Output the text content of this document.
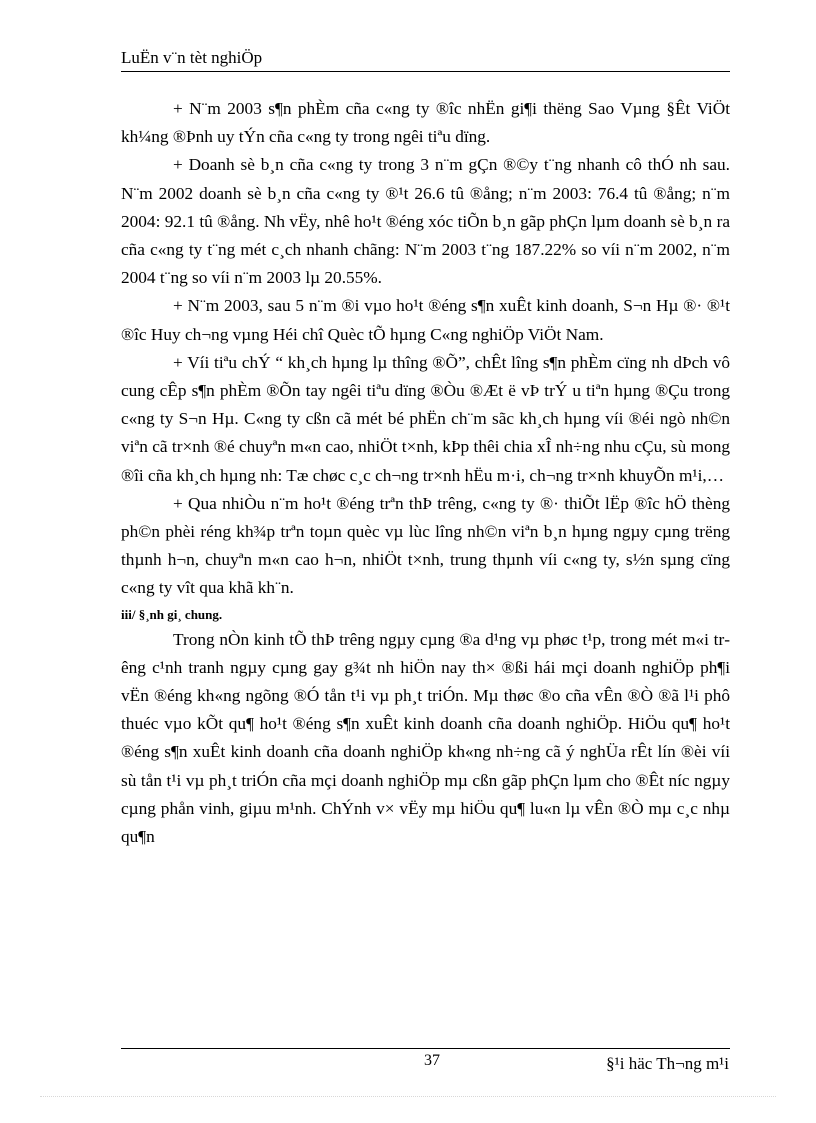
LuËn v¨n tèt nghiÖp

+ N¨m 2003 s¶n phÈm cña c«ng ty ®îc nhËn gi¶i thëng Sao Vµng §Êt ViÖt kh¼ng ®Þnh uy tÝn cña c«ng ty trong ngêi tiªu dïng.

+ Doanh sè b¸n cña c«ng ty trong 3 n¨m gÇn ®©y t¨ng nhanh cô thÓ nh sau. N¨m 2002 doanh sè b¸n cña c«ng ty ®¹t 26.6 tû ®ång; n¨m 2003: 76.4 tû ®ång; n¨m 2004: 92.1 tû ®ång. Nh vËy, nhê ho¹t ®éng xóc tiÕn b¸n gãp phÇn lµm doanh sè b¸n ra cña c«ng ty t¨ng mét c¸ch nhanh chãng: N¨m 2003 t¨ng 187.22% so víi n¨m 2002, n¨m 2004 t¨ng so víi n¨m 2003 lµ 20.55%.

+ N¨m 2003, sau 5 n¨m ®i vµo ho¹t ®éng s¶n xuÊt kinh doanh, S¬n Hµ ®· ®¹t ®îc Huy ch¬ng vµng Héi chî Quèc tÕ hµng C«ng nghiÖp ViÖt Nam.

+ Víi tiªu chÝ “ kh¸ch hµng lµ thîng ®Õ”, chÊt lîng s¶n phÈm cïng nh dÞch vô cung cÊp s¶n phÈm ®Õn tay ngêi tiªu dïng ®Òu ®Æt ë vÞ trÝ u tiªn hµng ®Çu trong c«ng ty S¬n Hµ. C«ng ty cßn cã mét bé phËn ch¨m sãc kh¸ch hµng víi ®éi ngò nh©n viªn cã tr×nh ®é chuyªn m«n cao, nhiÖt t×nh, kÞp thêi chia xÎ nh÷ng nhu cÇu, sù mong ®îi cña kh¸ch hµng nh: Tæ chøc c¸c ch¬ng tr×nh hËu m·i, ch¬ng tr×nh khuyÕn m¹i,…

+ Qua nhiÒu n¨m ho¹t ®éng trªn thÞ trêng, c«ng ty ®· thiÕt lËp ®îc hÖ thèng ph©n phèi réng kh¾p trªn toµn quèc vµ lùc lîng nh©n viªn b¸n hµng ngµy cµng trëng thµnh h¬n, chuyªn m«n cao h¬n, nhiÖt t×nh, trung thµnh víi c«ng ty, s½n sµng cïng c«ng ty vît qua khã kh¨n.

iii/ §¸nh gi¸ chung.

Trong nÒn kinh tÕ thÞ trêng ngµy cµng ®a d¹ng vµ phøc t¹p, trong mét m«i trêng c¹nh tranh ngµy cµng gay g¾t nh hiÖn nay th× ®ßi hái mçi doanh nghiÖp ph¶i vËn ®éng kh«ng ngõng ®Ó tån t¹i vµ ph¸t triÓn. Mµ thøc ®o cña vÊn ®Ò ®ã l¹i phô thuéc vµo kÕt qu¶ ho¹t ®éng s¶n xuÊt kinh doanh cña doanh nghiÖp. HiÖu qu¶ ho¹t ®éng s¶n xuÊt kinh doanh cña doanh nghiÖp kh«ng nh÷ng cã ý nghÜa rÊt lín ®èi víi sù tån t¹i vµ ph¸t triÓn cña mçi doanh nghiÖp mµ cßn gãp phÇn lµm cho ®Êt níc ngµy cµng phån vinh, giµu m¹nh. ChÝnh v× vËy mµ hiÖu qu¶ lu«n lµ vÊn ®Ò mµ c¸c nhµ qu¶n

37	§¹i häc Th¬ng m¹i
